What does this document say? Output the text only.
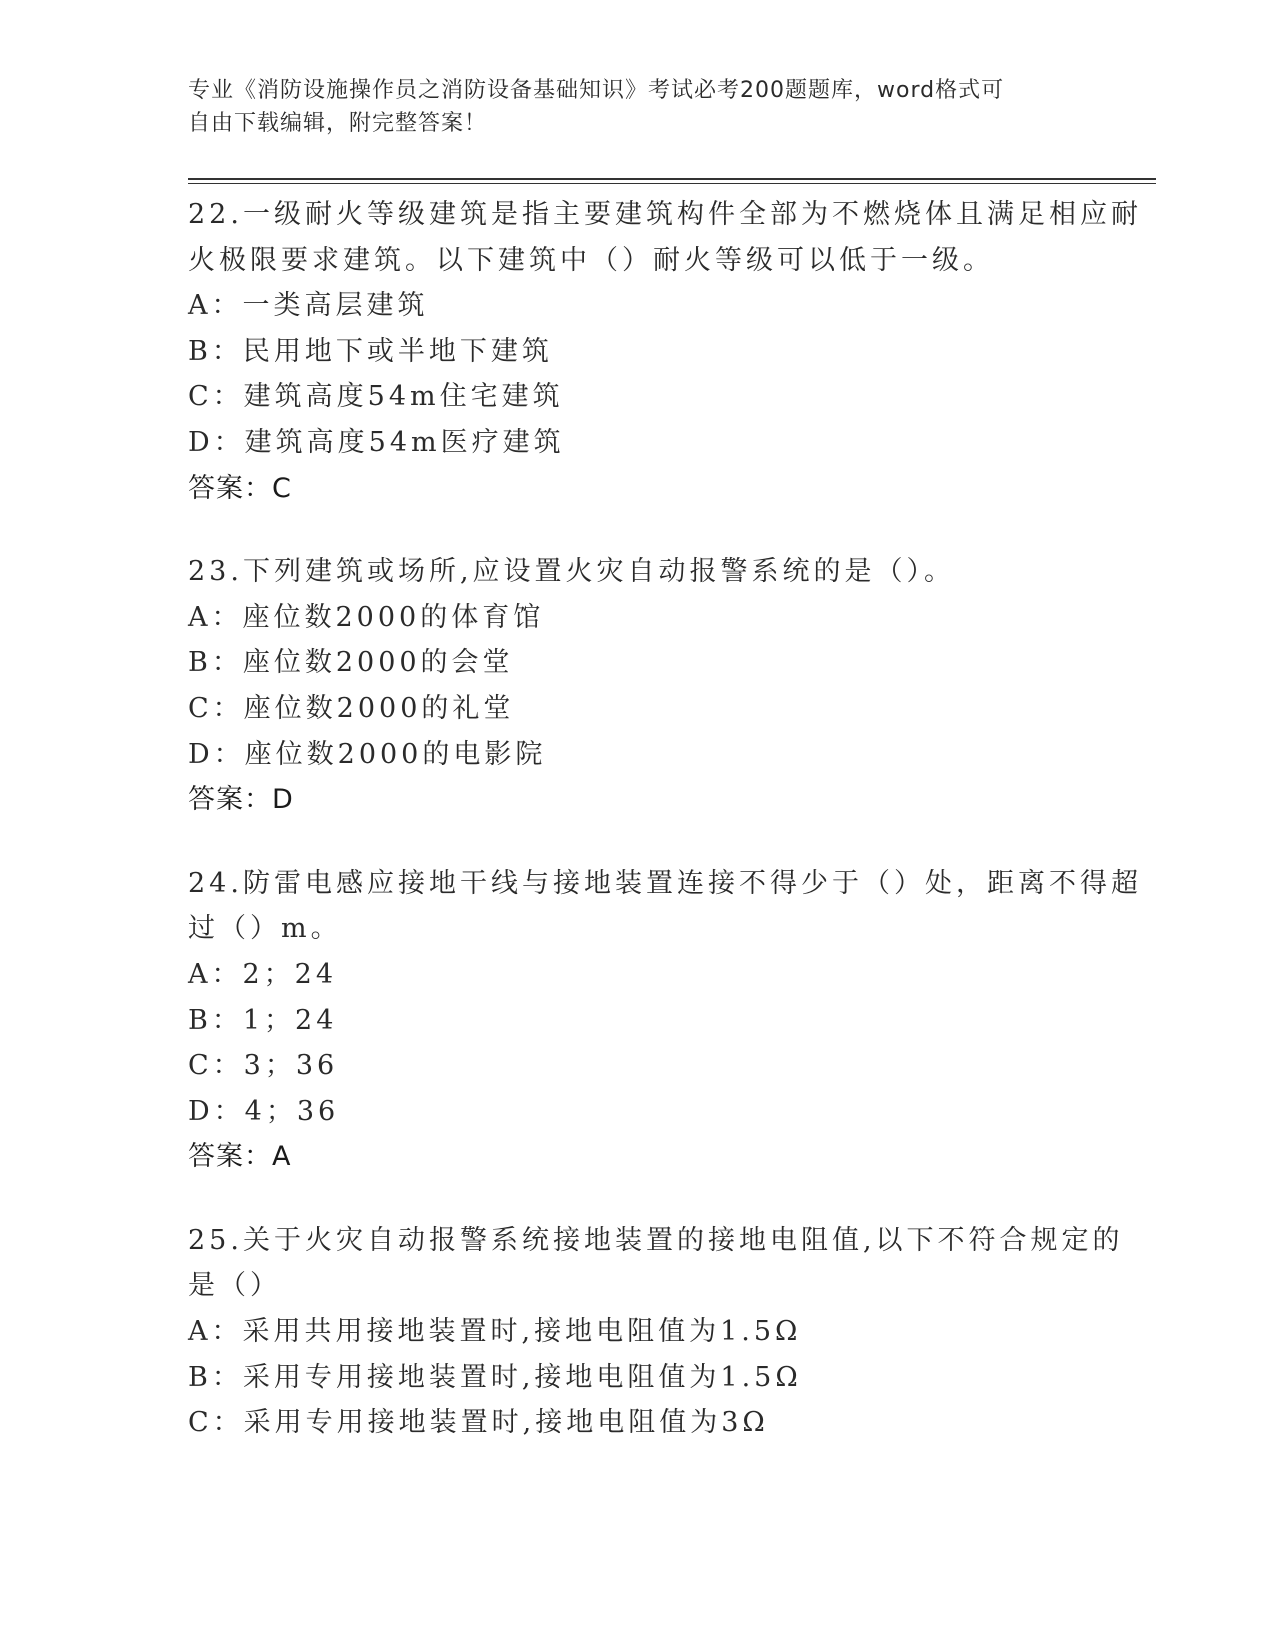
专业《消防设施操作员之消防设备基础知识》考试必考200题题库，word格式可
自由下载编辑，附完整答案！
22.一级耐火等级建筑是指主要建筑构件全部为不燃烧体且满足相应耐
火极限要求建筑。以下建筑中（）耐火等级可以低于一级。
A：一类高层建筑
B：民用地下或半地下建筑
C：建筑高度54m住宅建筑
D：建筑高度54m医疗建筑
答案：C
23.下列建筑或场所,应设置火灾自动报警系统的是（）。
A：座位数2000的体育馆
B：座位数2000的会堂
C：座位数2000的礼堂
D：座位数2000的电影院
答案：D
24.防雷电感应接地干线与接地装置连接不得少于（）处，距离不得超
过（）m。
A：2；24
B：1；24
C：3；36
D：4；36
答案：A
25.关于火灾自动报警系统接地装置的接地电阻值,以下不符合规定的
是（）
A：采用共用接地装置时,接地电阻值为1.5Ω
B：采用专用接地装置时,接地电阻值为1.5Ω
C：采用专用接地装置时,接地电阻值为3Ω
